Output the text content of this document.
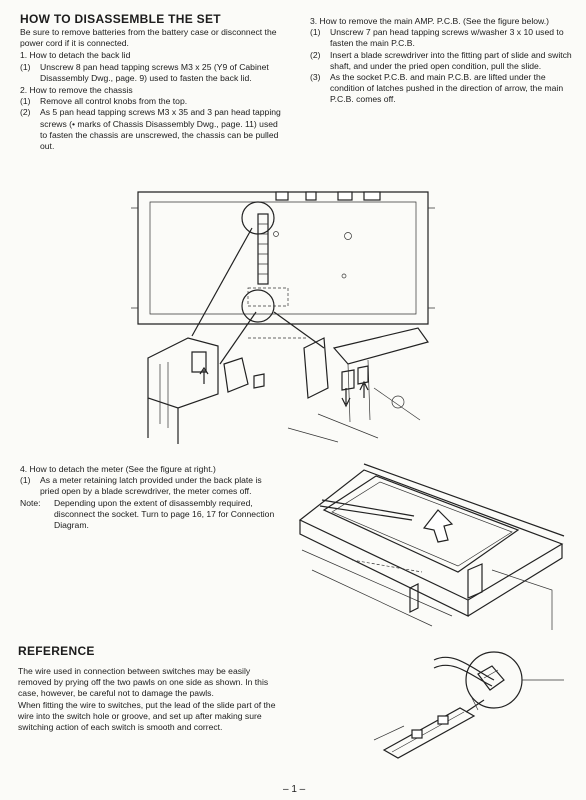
HOW TO DISASSEMBLE THE SET

Be sure to remove batteries from the battery case or disconnect the power cord if it is connected.

1. How to detach the back lid

(1)	Unscrew 8 pan head tapping screws M3 x 25 (Y9 of Cabinet Disassembly Dwg., page. 9) used to fasten the back lid.

2. How to remove the chassis

(1)	Remove all control knobs from the top.
(2)	As 5 pan head tapping screws M3 x 35 and 3 pan head tapping screws (• marks of Chassis Disassembly Dwg., page. 11) used to fasten the chassis are unscrewed, the chassis can be pulled out.

3. How to remove the main AMP. P.C.B. (See the figure below.)

(1)	Unscrew 7 pan head tapping screws w/washer 3 x 10 used to fasten the main P.C.B.
(2)	Insert a blade screwdriver into the fitting part of slide and switch shaft, and under the pried open condition, pull the slide.
(3)	As the socket P.C.B. and main P.C.B. are lifted under the condition of latches pushed in the direction of arrow, the main P.C.B. comes off.

4. How to detach the meter (See the figure at right.)

(1)	As a meter retaining latch provided under the back plate is pried open by a blade screwdriver, the meter comes off.
Note:	Depending upon the extent of disassembly required, disconnect the socket. Turn to page 16, 17 for Connection Diagram.
REFERENCE

The wire used in connection between switches may be easily removed by prying off the two pawls on one side as shown. In this case, however, be careful not to damage the pawls.

When fitting the wire to switches, put the lead of the slide part of the wire into the switch hole or groove, and set up after making sure switching action of each switch is smooth and correct.

– 1 –
